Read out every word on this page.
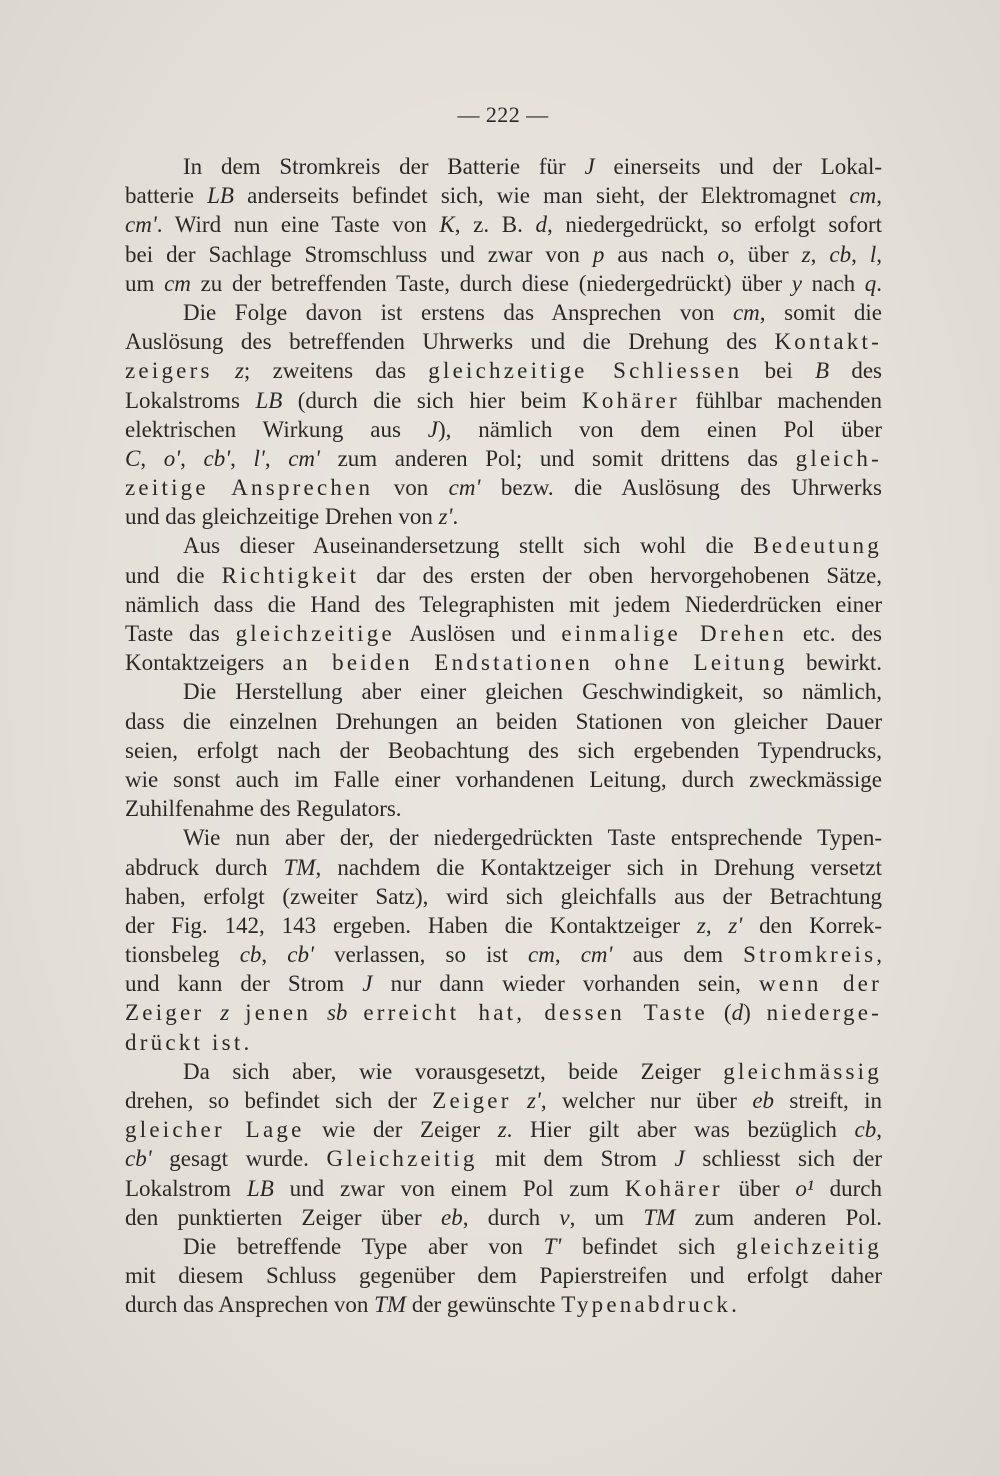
— 222 —
In dem Stromkreis der Batterie für J einerseits und der Lokal-
batterie LB anderseits befindet sich, wie man sieht, der Elektromagnet cm,
cm'. Wird nun eine Taste von K, z. B. d, niedergedrückt, so erfolgt sofort
bei der Sachlage Stromschluss und zwar von p aus nach o, über z, cb, l,
um cm zu der betreffenden Taste, durch diese (niedergedrückt) über y nach q.
Die Folge davon ist erstens das Ansprechen von cm, somit die
Auslösung des betreffenden Uhrwerks und die Drehung des Kontakt-
zeigers z; zweitens das gleichzeitige Schliessen bei B des
Lokalstroms LB (durch die sich hier beim Kohärer fühlbar machenden
elektrischen Wirkung aus J), nämlich von dem einen Pol über
C, o', cb', l', cm' zum anderen Pol; und somit drittens das gleich-
zeitige Ansprechen von cm' bezw. die Auslösung des Uhrwerks
und das gleichzeitige Drehen von z'.
Aus dieser Auseinandersetzung stellt sich wohl die Bedeutung
und die Richtigkeit dar des ersten der oben hervorgehobenen Sätze,
nämlich dass die Hand des Telegraphisten mit jedem Niederdrücken einer
Taste das gleichzeitige Auslösen und einmalige Drehen etc. des
Kontaktzeigers an beiden Endstationen ohne Leitung bewirkt.
Die Herstellung aber einer gleichen Geschwindigkeit, so nämlich,
dass die einzelnen Drehungen an beiden Stationen von gleicher Dauer
seien, erfolgt nach der Beobachtung des sich ergebenden Typendrucks,
wie sonst auch im Falle einer vorhandenen Leitung, durch zweckmässige
Zuhilfenahme des Regulators.
Wie nun aber der, der niedergedrückten Taste entsprechende Typen-
abdruck durch TM, nachdem die Kontaktzeiger sich in Drehung versetzt
haben, erfolgt (zweiter Satz), wird sich gleichfalls aus der Betrachtung
der Fig. 142, 143 ergeben. Haben die Kontaktzeiger z, z' den Korrek-
tionsbeleg cb, cb' verlassen, so ist cm, cm' aus dem Stromkreis,
und kann der Strom J nur dann wieder vorhanden sein, wenn der
Zeiger z jenen sb erreicht hat, dessen Taste (d) niederge-
drückt ist.
Da sich aber, wie vorausgesetzt, beide Zeiger gleichmässig
drehen, so befindet sich der Zeiger z', welcher nur über eb streift, in
gleicher Lage wie der Zeiger z. Hier gilt aber was bezüglich cb,
cb' gesagt wurde. Gleichzeitig mit dem Strom J schliesst sich der
Lokalstrom LB und zwar von einem Pol zum Kohärer über o¹ durch
den punktierten Zeiger über eb, durch v, um TM zum anderen Pol.
Die betreffende Type aber von T' befindet sich gleichzeitig
mit diesem Schluss gegenüber dem Papierstreifen und erfolgt daher
durch das Ansprechen von TM der gewünschte Typenabdruck.
